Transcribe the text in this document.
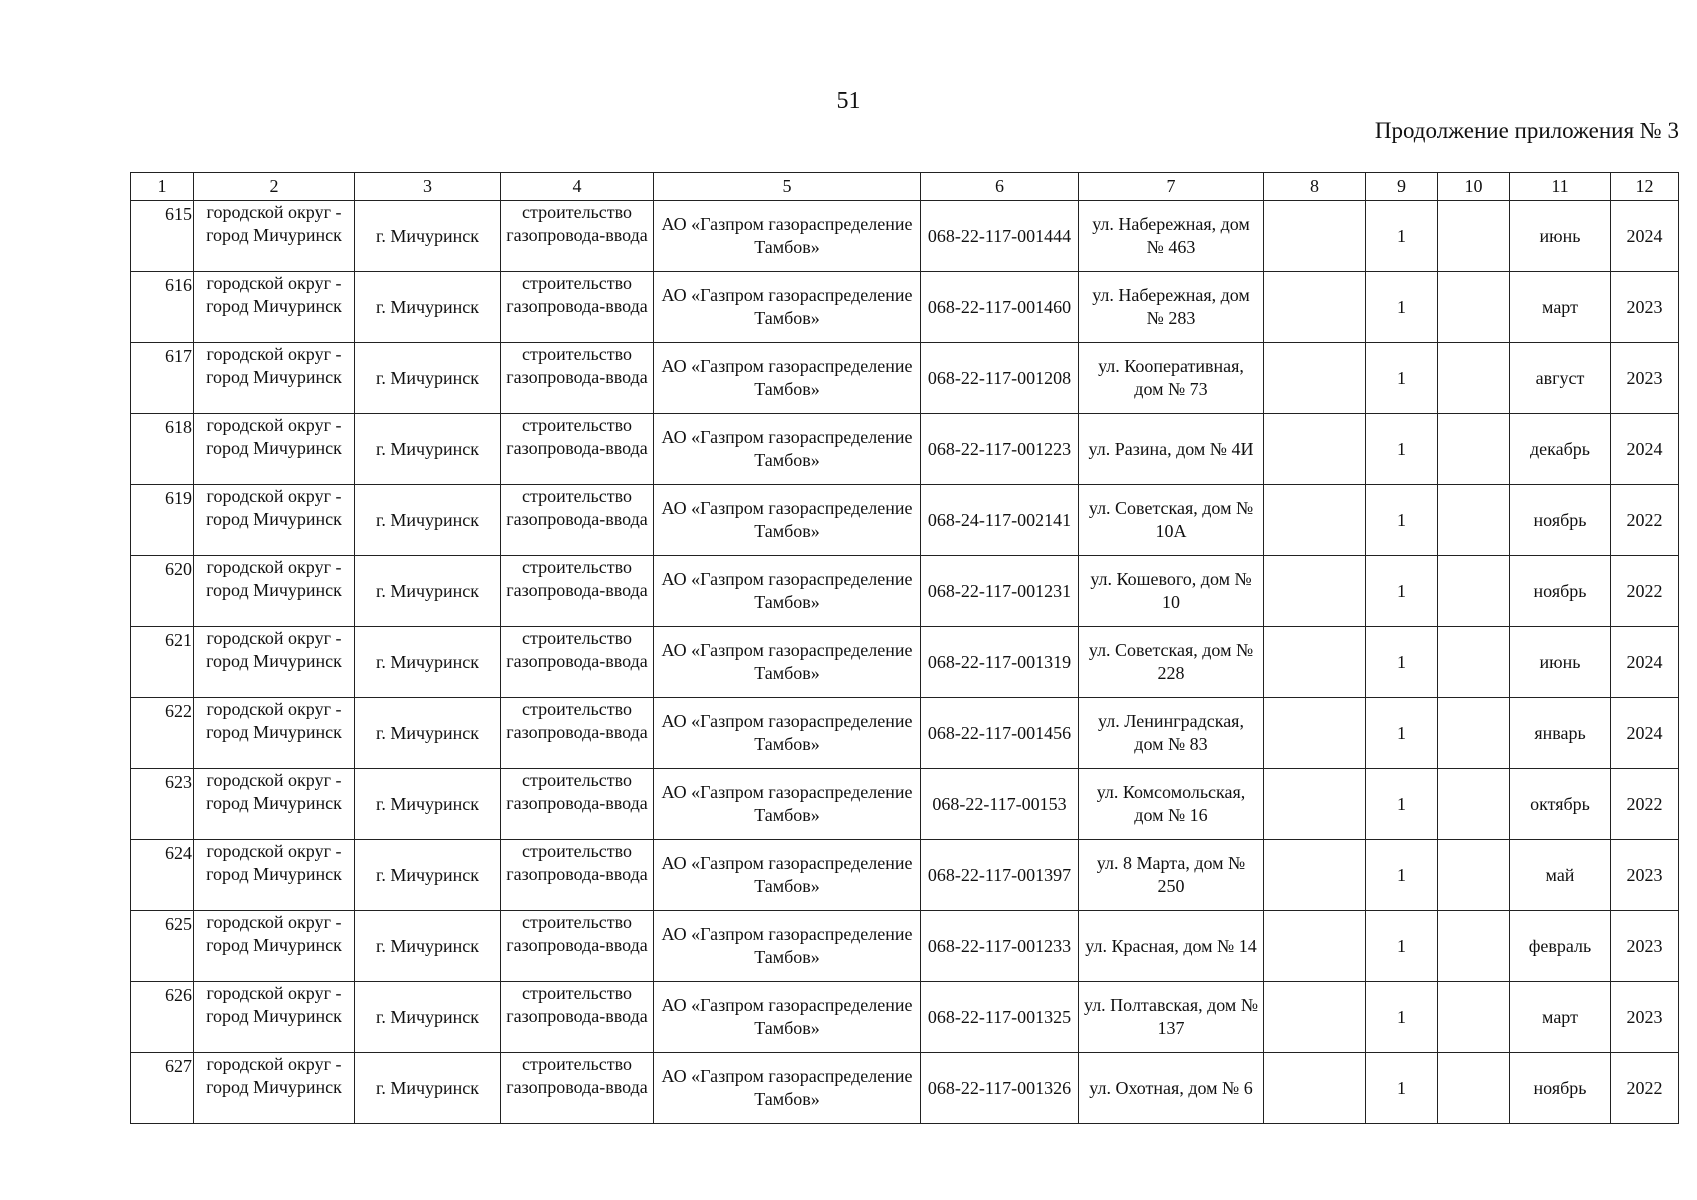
51
Продолжение приложения № 3
1	2	3	4	5	6	7	8	9	10	11	12
615	городской округ - город Мичуринск	г. Мичуринск	строительство газопровода-ввода	АО «Газпром газораспределение Тамбов»	068-22-117-001444	ул. Набережная, дом № 463		1		июнь	2024
616	городской округ - город Мичуринск	г. Мичуринск	строительство газопровода-ввода	АО «Газпром газораспределение Тамбов»	068-22-117-001460	ул. Набережная, дом № 283		1		март	2023
617	городской округ - город Мичуринск	г. Мичуринск	строительство газопровода-ввода	АО «Газпром газораспределение Тамбов»	068-22-117-001208	ул. Кооперативная, дом № 73		1		август	2023
618	городской округ - город Мичуринск	г. Мичуринск	строительство газопровода-ввода	АО «Газпром газораспределение Тамбов»	068-22-117-001223	ул. Разина, дом № 4И		1		декабрь	2024
619	городской округ - город Мичуринск	г. Мичуринск	строительство газопровода-ввода	АО «Газпром газораспределение Тамбов»	068-24-117-002141	ул. Советская, дом № 10А		1		ноябрь	2022
620	городской округ - город Мичуринск	г. Мичуринск	строительство газопровода-ввода	АО «Газпром газораспределение Тамбов»	068-22-117-001231	ул. Кошевого, дом № 10		1		ноябрь	2022
621	городской округ - город Мичуринск	г. Мичуринск	строительство газопровода-ввода	АО «Газпром газораспределение Тамбов»	068-22-117-001319	ул. Советская, дом № 228		1		июнь	2024
622	городской округ - город Мичуринск	г. Мичуринск	строительство газопровода-ввода	АО «Газпром газораспределение Тамбов»	068-22-117-001456	ул. Ленинградская, дом № 83		1		январь	2024
623	городской округ - город Мичуринск	г. Мичуринск	строительство газопровода-ввода	АО «Газпром газораспределение Тамбов»	068-22-117-00153	ул. Комсомольская, дом № 16		1		октябрь	2022
624	городской округ - город Мичуринск	г. Мичуринск	строительство газопровода-ввода	АО «Газпром газораспределение Тамбов»	068-22-117-001397	ул. 8 Марта, дом № 250		1		май	2023
625	городской округ - город Мичуринск	г. Мичуринск	строительство газопровода-ввода	АО «Газпром газораспределение Тамбов»	068-22-117-001233	ул. Красная, дом № 14		1		февраль	2023
626	городской округ - город Мичуринск	г. Мичуринск	строительство газопровода-ввода	АО «Газпром газораспределение Тамбов»	068-22-117-001325	ул. Полтавская, дом № 137		1		март	2023
627	городской округ - город Мичуринск	г. Мичуринск	строительство газопровода-ввода	АО «Газпром газораспределение Тамбов»	068-22-117-001326	ул. Охотная, дом № 6		1		ноябрь	2022
